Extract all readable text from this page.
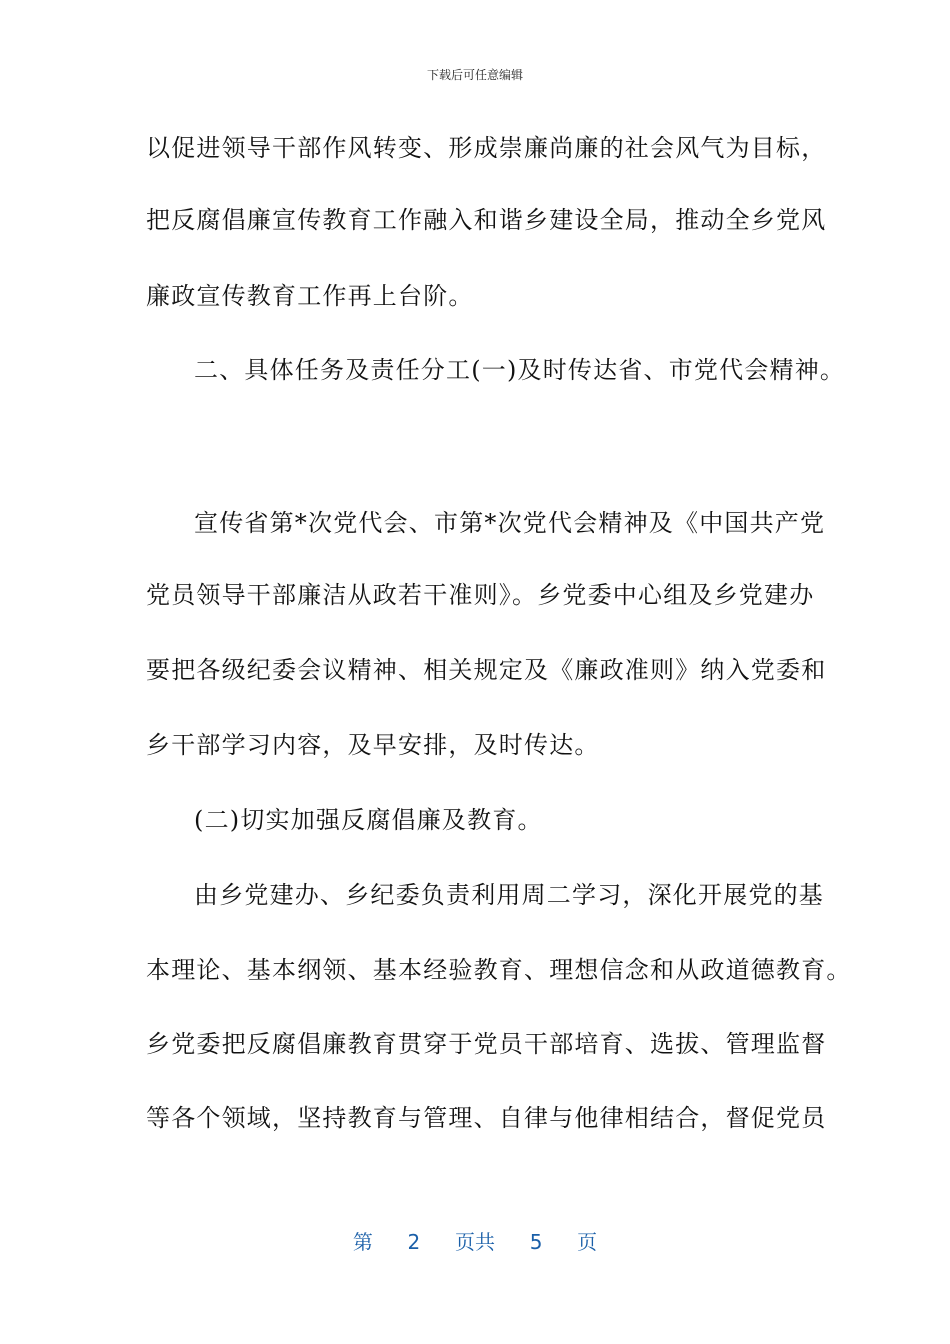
下载后可任意编辑
以促进领导干部作风转变、形成崇廉尚廉的社会风气为目标，
把反腐倡廉宣传教育工作融入和谐乡建设全局，推动全乡党风
廉政宣传教育工作再上台阶。
二、具体任务及责任分工(一)及时传达省、市党代会精神。
宣传省第*次党代会、市第*次党代会精神及《中国共产党
党员领导干部廉洁从政若干准则》。乡党委中心组及乡党建办
要把各级纪委会议精神、相关规定及《廉政准则》纳入党委和
乡干部学习内容，及早安排，及时传达。
(二)切实加强反腐倡廉及教育。
由乡党建办、乡纪委负责利用周二学习，深化开展党的基
本理论、基本纲领、基本经验教育、理想信念和从政道德教育。
乡党委把反腐倡廉教育贯穿于党员干部培育、选拔、管理监督
等各个领域，坚持教育与管理、自律与他律相结合，督促党员
第 2 页共 5 页
